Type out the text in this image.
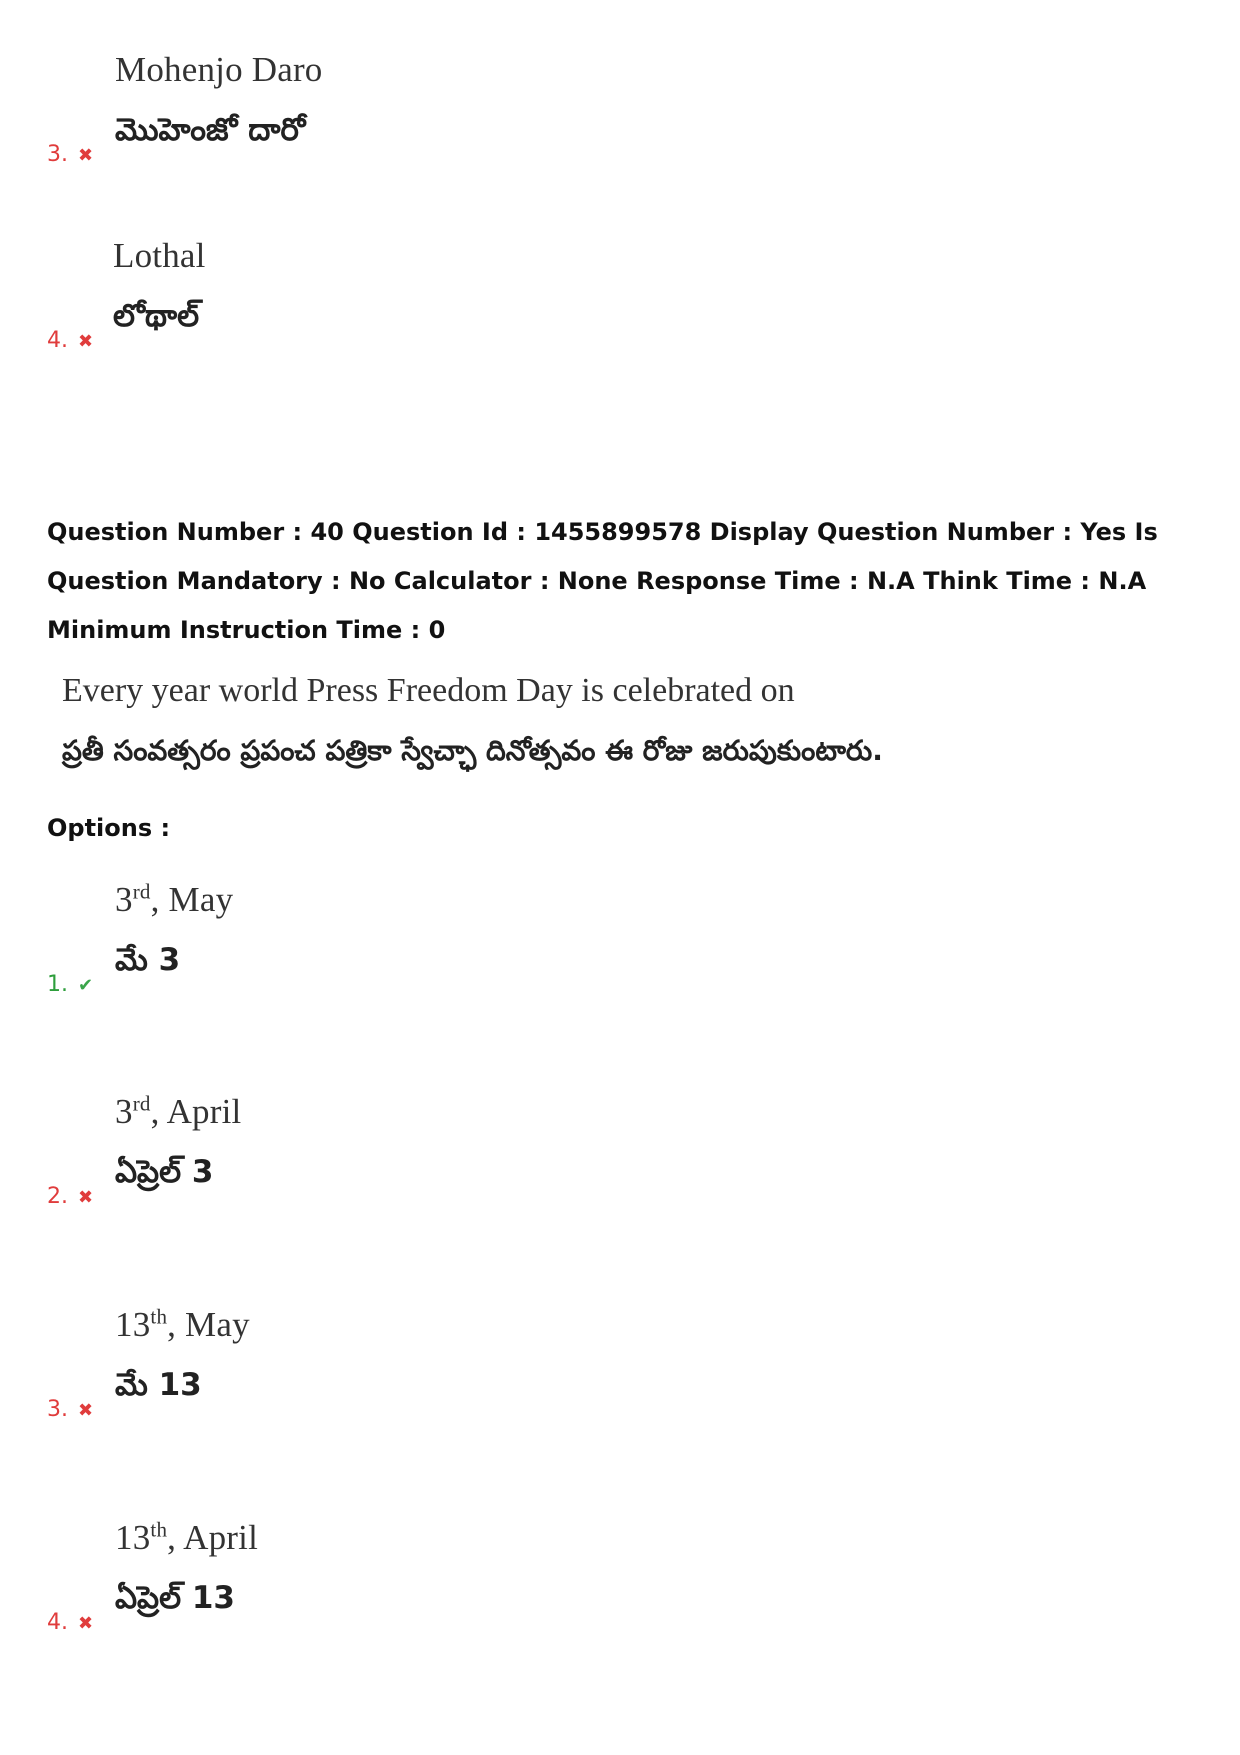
Mohenjo Daro
మొహెంజో దారో
3. ✖
Lothal
లోథాల్
4. ✖
Question Number : 40 Question Id : 1455899578 Display Question Number : Yes Is Question Mandatory : No Calculator : None Response Time : N.A Think Time : N.A Minimum Instruction Time : 0
Every year world Press Freedom Day is celebrated on
ప్రతీ సంవత్సరం ప్రపంచ పత్రికా స్వేచ్ఛా దినోత్సవం ఈ రోజు జరుపుకుంటారు.
Options :
3rd, May
మే 3
1. ✔
3rd, April
ఏప్రెల్ 3
2. ✖
13th, May
మే 13
3. ✖
13th, April
ఏప్రెల్ 13
4. ✖
